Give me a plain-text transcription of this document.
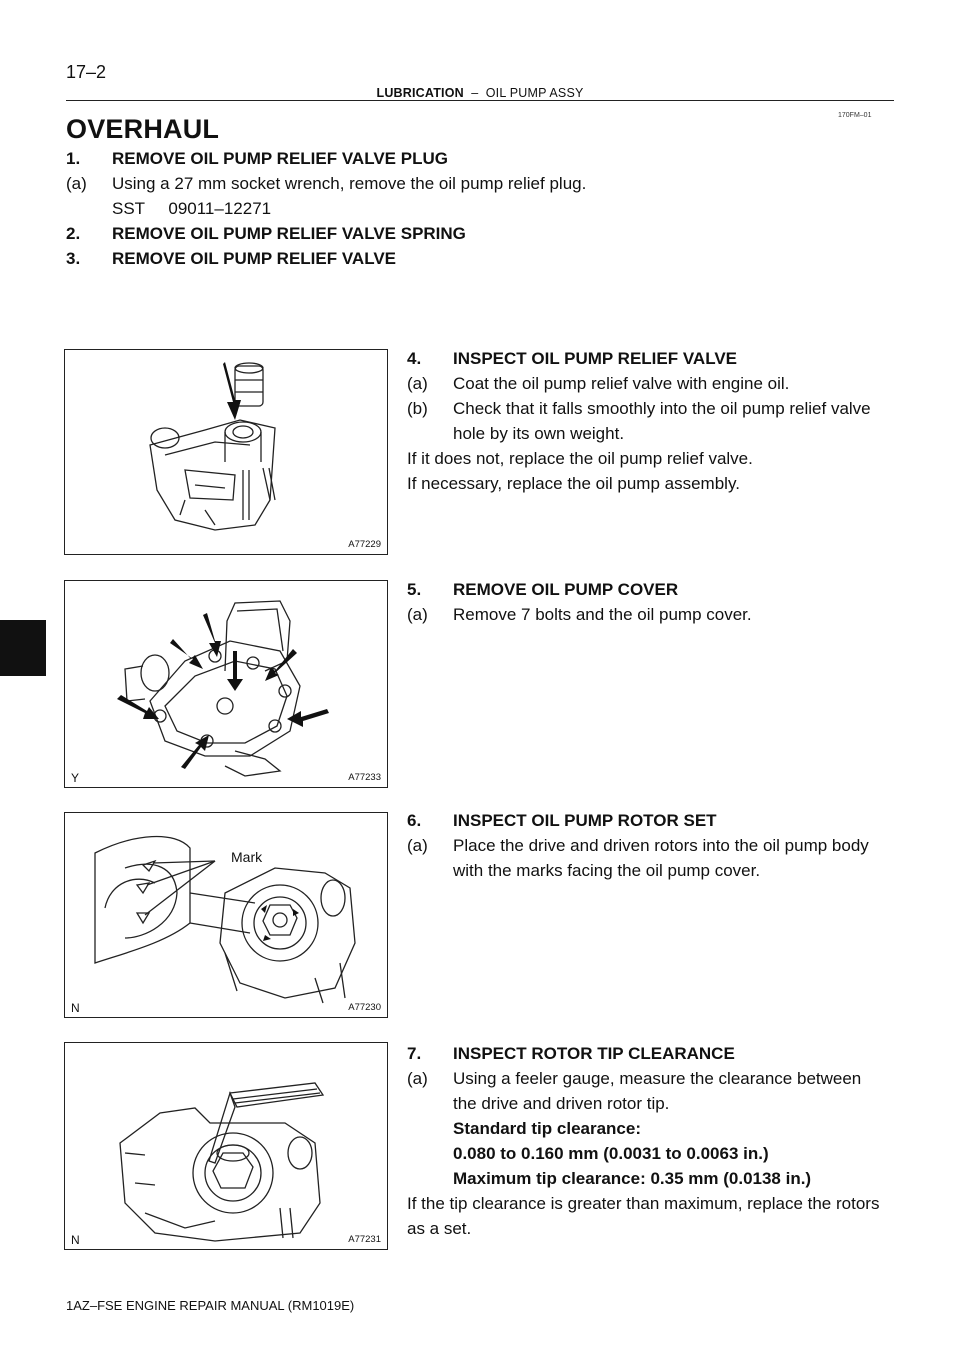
17–2
LUBRICATION – OIL PUMP ASSY
170FM–01
OVERHAUL
1. REMOVE OIL PUMP RELIEF VALVE PLUG
(a) Using a 27 mm socket wrench, remove the oil pump relief plug.
SST     09011–12271
2. REMOVE OIL PUMP RELIEF VALVE SPRING
3. REMOVE OIL PUMP RELIEF VALVE
4. INSPECT OIL PUMP RELIEF VALVE
(a) Coat the oil pump relief valve with engine oil.
(b) Check that it falls smoothly into the oil pump relief valve
hole by its own weight.
If it does not, replace the oil pump relief valve.
If necessary, replace the oil pump assembly.
5. REMOVE OIL PUMP COVER
(a) Remove 7 bolts and the oil pump cover.
6. INSPECT OIL PUMP ROTOR SET
(a) Place the drive and driven rotors into the oil pump body
with the marks facing the oil pump cover.
7. INSPECT ROTOR TIP CLEARANCE
(a) Using a feeler gauge, measure the clearance between
the drive and driven rotor tip.
Standard tip clearance:
0.080 to 0.160 mm (0.0031 to 0.0063 in.)
Maximum tip clearance: 0.35 mm (0.0138 in.)
If the tip clearance is greater than maximum, replace the rotors
as a set.
A77229
Y	A77233
Mark
N	A77230
N	A77231
1AZ–FSE ENGINE REPAIR MANUAL (RM1019E)
